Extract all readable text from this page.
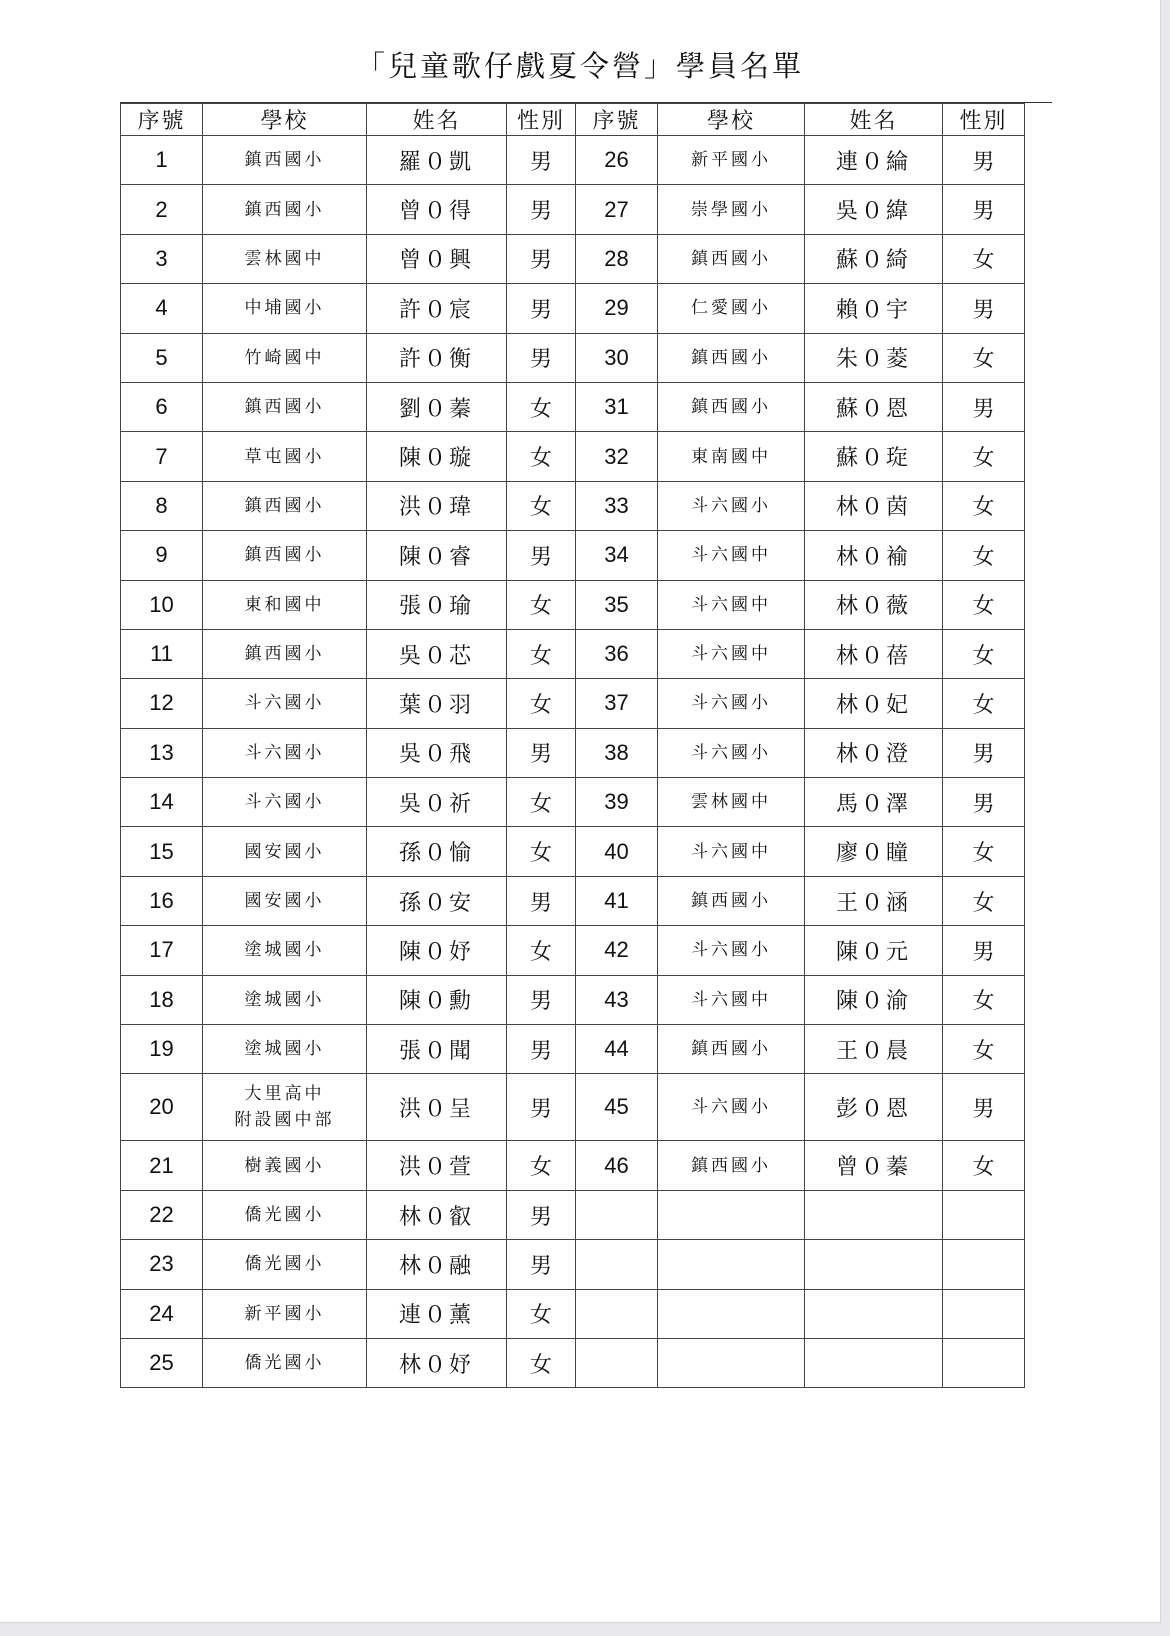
「兒童歌仔戲夏令營」學員名單
序號	學校	姓名	性別	序號	學校	姓名	性別
1	鎮西國小	羅０凱	男	26	新平國小	連０綸	男
2	鎮西國小	曾０得	男	27	崇學國小	吳０緯	男
3	雲林國中	曾０興	男	28	鎮西國小	蘇０綺	女
4	中埔國小	許０宸	男	29	仁愛國小	賴０宇	男
5	竹崎國中	許０衡	男	30	鎮西國小	朱０菱	女
6	鎮西國小	劉０蓁	女	31	鎮西國小	蘇０恩	男
7	草屯國小	陳０璇	女	32	東南國中	蘇０琁	女
8	鎮西國小	洪０瑋	女	33	斗六國小	林０茵	女
9	鎮西國小	陳０睿	男	34	斗六國中	林０褕	女
10	東和國中	張０瑜	女	35	斗六國中	林０薇	女
11	鎮西國小	吳０芯	女	36	斗六國中	林０蓓	女
12	斗六國小	葉０羽	女	37	斗六國小	林０妃	女
13	斗六國小	吳０飛	男	38	斗六國小	林０澄	男
14	斗六國小	吳０祈	女	39	雲林國中	馬０澤	男
15	國安國小	孫０愉	女	40	斗六國中	廖０瞳	女
16	國安國小	孫０安	男	41	鎮西國小	王０涵	女
17	塗城國小	陳０妤	女	42	斗六國小	陳０元	男
18	塗城國小	陳０勳	男	43	斗六國中	陳０渝	女
19	塗城國小	張０聞	男	44	鎮西國小	王０晨	女
20	大里高中
附設國中部	洪０呈	男	45	斗六國小	彭０恩	男
21	樹義國小	洪０萱	女	46	鎮西國小	曾０蓁	女
22	僑光國小	林０叡	男				
23	僑光國小	林０融	男				
24	新平國小	連０薰	女				
25	僑光國小	林０妤	女				
